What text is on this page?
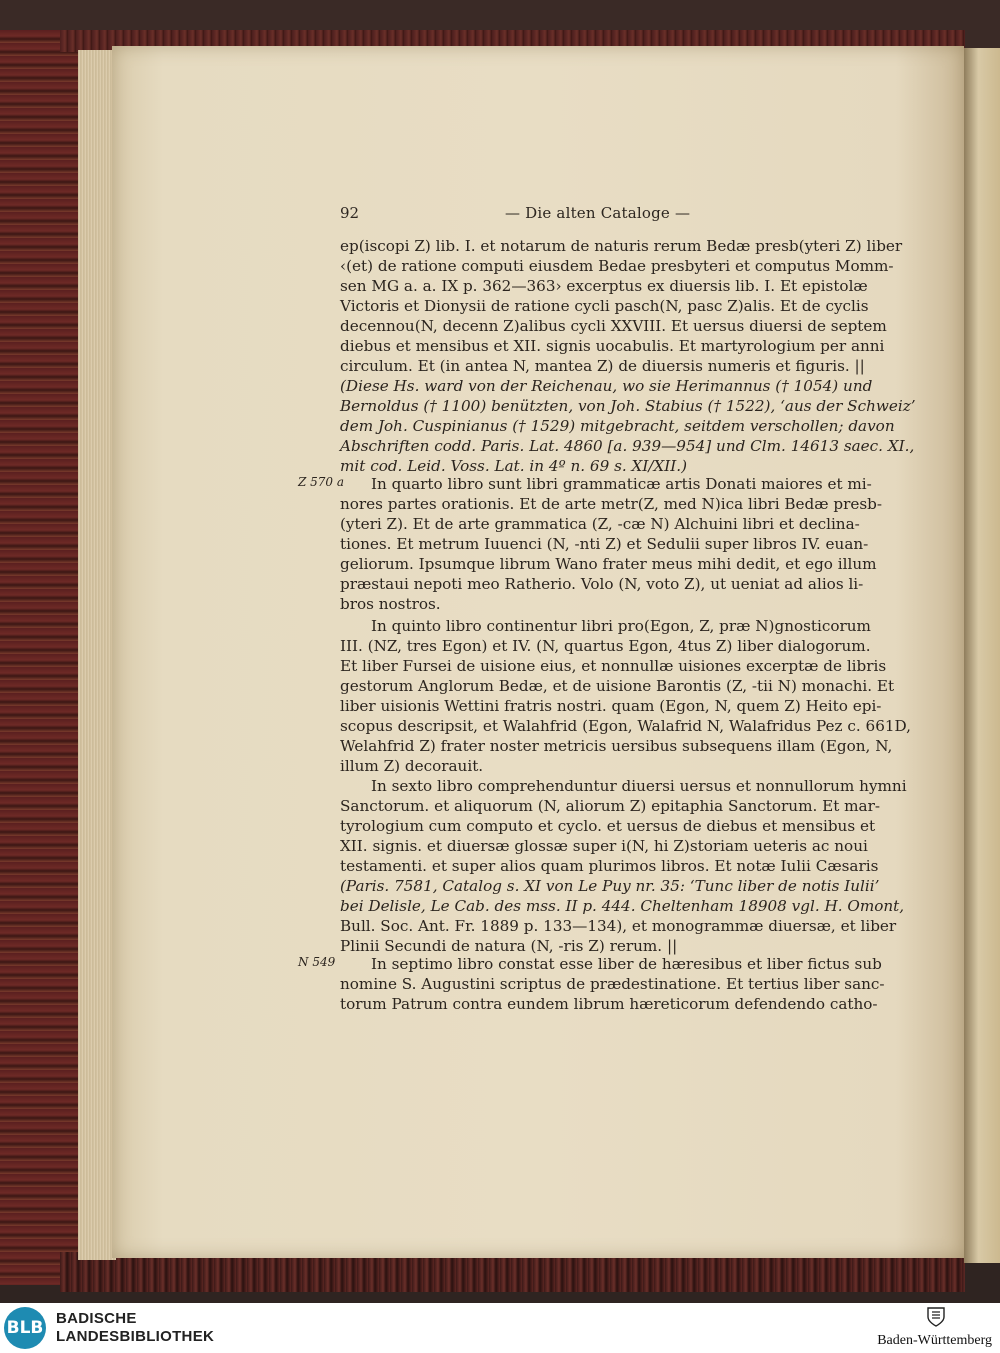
92	— Die alten Cataloge —
Z 570 a
N 549
ep(iscopi Z) lib. I. et notarum de naturis rerum Bedæ presb(yteri Z) liber
‹(et) de ratione computi eiusdem Bedae presbyteri et computus Momm-
sen MG a. a. IX p. 362—363› excerptus ex diuersis lib. I. Et epistolæ
Victoris et Dionysii de ratione cycli pasch(N, pasc Z)alis. Et de cyclis
decennou(N, decenn Z)alibus cycli XXVIII. Et uersus diuersi de septem
diebus et mensibus et XII. signis uocabulis. Et martyrologium per anni
circulum. Et (in antea N, mantea Z) de diuersis numeris et figuris. ||
(Diese Hs. ward von der Reichenau, wo sie Herimannus († 1054) und
Bernoldus († 1100) benützten, von Joh. Stabius († 1522), ‘aus der Schweiz’
dem Joh. Cuspinianus († 1529) mitgebracht, seitdem verschollen; davon
Abschriften codd. Paris. Lat. 4860 [a. 939—954] und Clm. 14613 saec. XI.,
mit cod. Leid. Voss. Lat. in 4º n. 69 s. XI/XII.)
In quarto libro sunt libri grammaticæ artis Donati maiores et mi-
nores partes orationis. Et de arte metr(Z, med N)ica libri Bedæ presb-
(yteri Z). Et de arte grammatica (Z, -cæ N) Alchuini libri et declina-
tiones. Et metrum Iuuenci (N, -nti Z) et Sedulii super libros IV. euan-
geliorum. Ipsumque librum Wano frater meus mihi dedit, et ego illum
præstaui nepoti meo Ratherio. Volo (N, voto Z), ut ueniat ad alios li-
bros nostros.
In quinto libro continentur libri pro(Egon, Z, præ N)gnosticorum
III. (NZ, tres Egon) et IV. (N, quartus Egon, 4tus Z) liber dialogorum.
Et liber Fursei de uisione eius, et nonnullæ uisiones excerptæ de libris
gestorum Anglorum Bedæ, et de uisione Barontis (Z, -tii N) monachi. Et
liber uisionis Wettini fratris nostri. quam (Egon, N, quem Z) Heito epi-
scopus descripsit, et Walahfrid (Egon, Walafrid N, Walafridus Pez c. 661D,
Welahfrid Z) frater noster metricis uersibus subsequens illam (Egon, N,
illum Z) decorauit.
In sexto libro comprehenduntur diuersi uersus et nonnullorum hymni
Sanctorum. et aliquorum (N, aliorum Z) epitaphia Sanctorum. Et mar-
tyrologium cum computo et cyclo. et uersus de diebus et mensibus et
XII. signis. et diuersæ glossæ super i(N, hi Z)storiam ueteris ac noui
testamenti. et super alios quam plurimos libros. Et notæ Iulii Cæsaris
(Paris. 7581, Catalog s. XI von Le Puy nr. 35: ‘Tunc liber de notis Iulii’
bei Delisle, Le Cab. des mss. II p. 444. Cheltenham 18908 vgl. H. Omont,
Bull. Soc. Ant. Fr. 1889 p. 133—134), et monogrammæ diuersæ, et liber
Plinii Secundi de natura (N, -ris Z) rerum. ||
In septimo libro constat esse liber de hæresibus et liber fictus sub
nomine S. Augustini scriptus de prædestinatione. Et tertius liber sanc-
torum Patrum contra eundem librum hæreticorum defendendo catho-
BLB BADISCHE
LANDESBIBLIOTHEK	Baden-Württemberg
